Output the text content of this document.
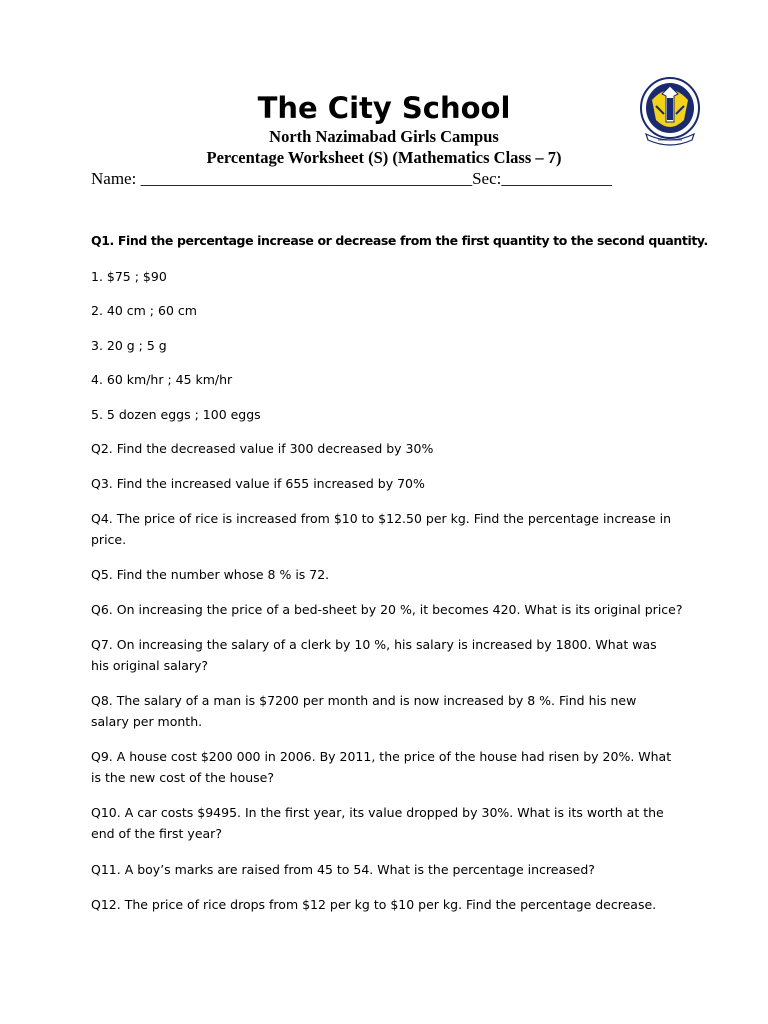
The City School
North Nazimabad Girls Campus
Percentage Worksheet (S) (Mathematics Class – 7)
Name: _______________________________________Sec:_____________

Q1. Find the percentage increase or decrease from the first quantity to the second quantity.

1. $75 ; $90

2. 40 cm ; 60 cm

3. 20 g ; 5 g

4. 60 km/hr ; 45 km/hr

5. 5 dozen eggs ; 100 eggs

Q2. Find the decreased value if 300 decreased by 30%

Q3. Find the increased value if 655 increased by 70%

Q4. The price of rice is increased from $10 to $12.50 per kg. Find the percentage increase in price.

Q5. Find the number whose 8 % is 72.

Q6. On increasing the price of a bed-sheet by 20 %, it becomes 420. What is its original price?

Q7. On increasing the salary of a clerk by 10 %, his salary is increased by 1800. What was his original salary?

Q8. The salary of a man is $7200 per month and is now increased by 8 %. Find his new salary per month.

Q9. A house cost $200 000 in 2006. By 2011, the price of the house had risen by 20%. What is the new cost of the house?

Q10. A car costs $9495. In the first year, its value dropped by 30%. What is its worth at the end of the first year?

Q11. A boy’s marks are raised from 45 to 54. What is the percentage increased?

Q12. The price of rice drops from $12 per kg to $10 per kg. Find the percentage decrease.
